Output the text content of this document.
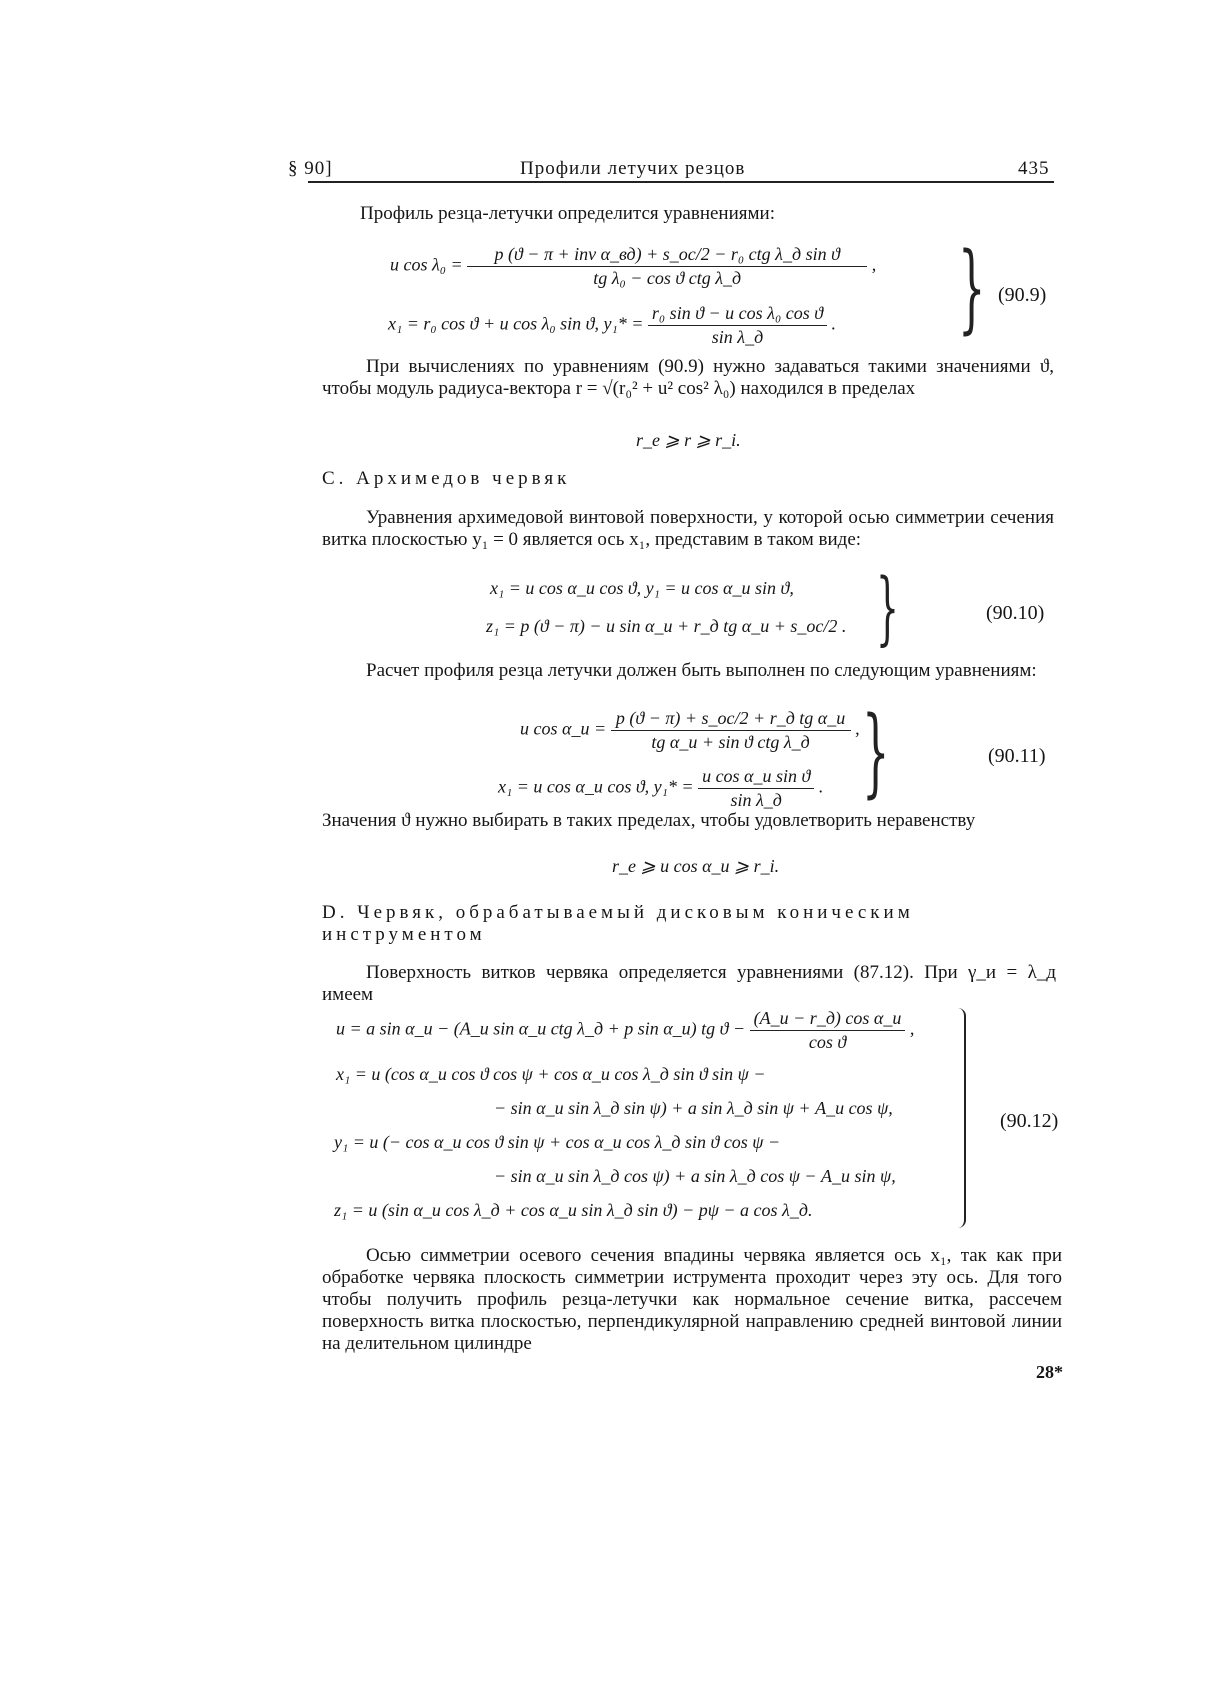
§ 90]	Профили летучих резцов	435
Профиль резца-летучки определится уравнениями:
u $\cos \lambda_0 = \frac{\text{p (ϑ − π + inv α\_вд) + s\_ос/2 − r₀ ctg λ\_д sin ϑ}}{\text{tg λ₀ − cos ϑ ctg λ\_д}}$ ,
x₁ = r₀ cos ϑ + u cos λ₀ sin ϑ, $y_1* = \frac{\text{r₀ sin ϑ − u cos λ₀ cos ϑ}}{\text{sin λ\_д}}$ . } (90.9)
При вычислениях по уравнениям (90.9) нужно задаваться такими значениями ϑ, чтобы модуль радиуса-вектора r = √(r₀² + u² cos² λ₀) находился в пределах
r_e ⩾ r ⩾ r_i.
C. Архимедов червяк
Уравнения архимедовой винтовой поверхности, у которой осью симметрии сечения витка плоскостью y₁ = 0 является ось x₁, представим в таком виде:
x₁ = u cos α_и cos ϑ, y₁ = u cos α_и sin ϑ,
z₁ = p (ϑ − π) − u sin α_и + r_д tg α_и + s_ос/2 . }	(90.10)
Расчет профиля резца летучки должен быть выполнен по следующим уравнениям:
u cos α_и = $\frac{\text{p (ϑ − π) + s\_ос/2 + r\_д tg α\_и}}{\text{tg α\_и + sin ϑ ctg λ\_д}}$ ,
x₁ = u cos α_и cos ϑ, $y_1* = \frac{\text{u cos α\_и sin ϑ}}{\text{sin λ\_д}}$ . }	(90.11)
Значения ϑ нужно выбирать в таких пределах, чтобы удовлетворить неравенству
r_e ⩾ u cos α_и ⩾ r_i.
D. Червяк, обрабатываемый дисковым коническим
инструментом
Поверхность витков червяка определяется уравнениями (87.12). При γ_и = λ_д имеем
u = a sin α_и − (A_и sin α_и ctg λ_д + p sin α_и) tg $ϑ - \frac{\text{(A\_и − r\_д) cos α\_и}}{\text{cos ϑ}}$ ,
x₁ = u (cos α_и cos ϑ cos ψ + cos α_и cos λ_д sin ϑ sin ψ −
− sin α_и sin λ_д sin ψ) + a sin λ_д sin ψ + A_и cos ψ,
y₁ = u (− cos α_и cos ϑ sin ψ + cos α_и cos λ_д sin ϑ cos ψ −
− sin α_и sin λ_д cos ψ) + a sin λ_д cos ψ − A_и sin ψ,
z₁ = u (sin α_и cos λ_д + cos α_и sin λ_д sin ϑ) − pψ − a cos λ_д.
(90.12)
Осью симметрии осевого сечения впадины червяка является ось x₁, так как при обработке червяка плоскость симметрии иструмента проходит через эту ось. Для того чтобы получить профиль резца-летучки как нормальное сечение витка, рассечем поверхность витка плоскостью, перпендикулярной направлению средней винтовой линии на делительном цилиндре
28*
